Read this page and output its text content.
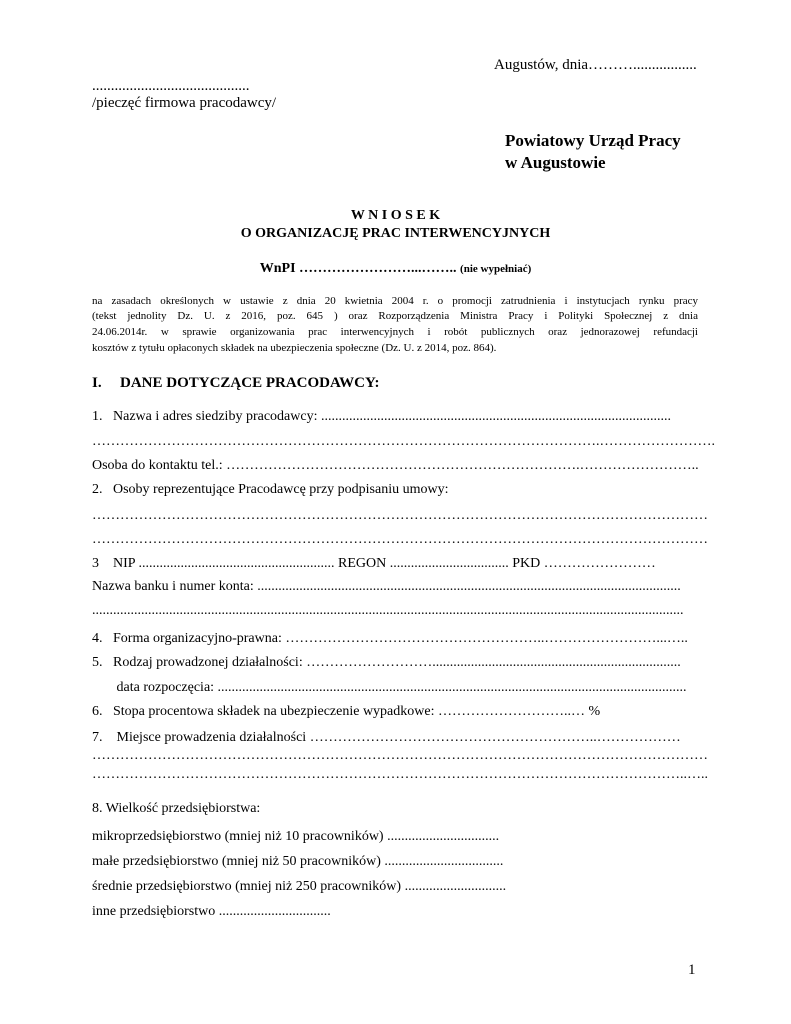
Augustów, dnia……….................
..........................................
/pieczęć firmowa pracodawcy/
Powiatowy Urząd Pracy
w Augustowie
W N I O S E K
O ORGANIZACJĘ PRAC INTERWENCYJNYCH
WnPI ……………………...…….. (nie wypełniać)
na zasadach określonych w ustawie z dnia 20 kwietnia 2004 r. o promocji zatrudnienia i instytucjach rynku pracy
(tekst jednolity Dz. U. z 2016, poz. 645 ) oraz Rozporządzenia Ministra Pracy i Polityki Społecznej z dnia
24.06.2014r. w sprawie organizowania prac interwencyjnych i robót publicznych oraz jednorazowej refundacji
kosztów z tytułu opłaconych składek na ubezpieczenia społeczne (Dz. U. z 2014, poz. 864).
I. DANE DOTYCZĄCE PRACODAWCY:
1.   Nazwa i adres siedziby pracodawcy: ....................................................................................................
……………………………………………………………………………………………….…………………….
Osoba do kontaktu tel.: ………………………………………………………………….……………………..
2.   Osoby reprezentujące Pracodawcę przy podpisaniu umowy:
……………………………………………………………………………………………………………………
……………………………………………………………………………………………………………………
3    NIP ........................................................ REGON .................................. PKD ……………………
Nazwa banku i numer konta: .........................................................................................................................
.........................................................................................................................................................................
4.   Forma organizacyjno-prawna: ………………………………………………..……………………...…..
5.   Rodzaj prowadzonej działalności: ……………………….......................................................................
data rozpoczęcia: ......................................................................................................................................
6.   Stopa procentowa składek na ubezpieczenie wypadkowe: ………………………..… %
7.    Miejsce prowadzenia działalności ……………………………………………………..………………
……………………………………………………………………………………………………………………
………………………………………………………………………………………………………………..…..
8. Wielkość przedsiębiorstwa:
mikroprzedsiębiorstwo (mniej niż 10 pracowników) ................................
małe przedsiębiorstwo (mniej niż 50 pracowników) ..................................
średnie przedsiębiorstwo (mniej niż 250 pracowników) .............................
inne przedsiębiorstwo ................................
1
